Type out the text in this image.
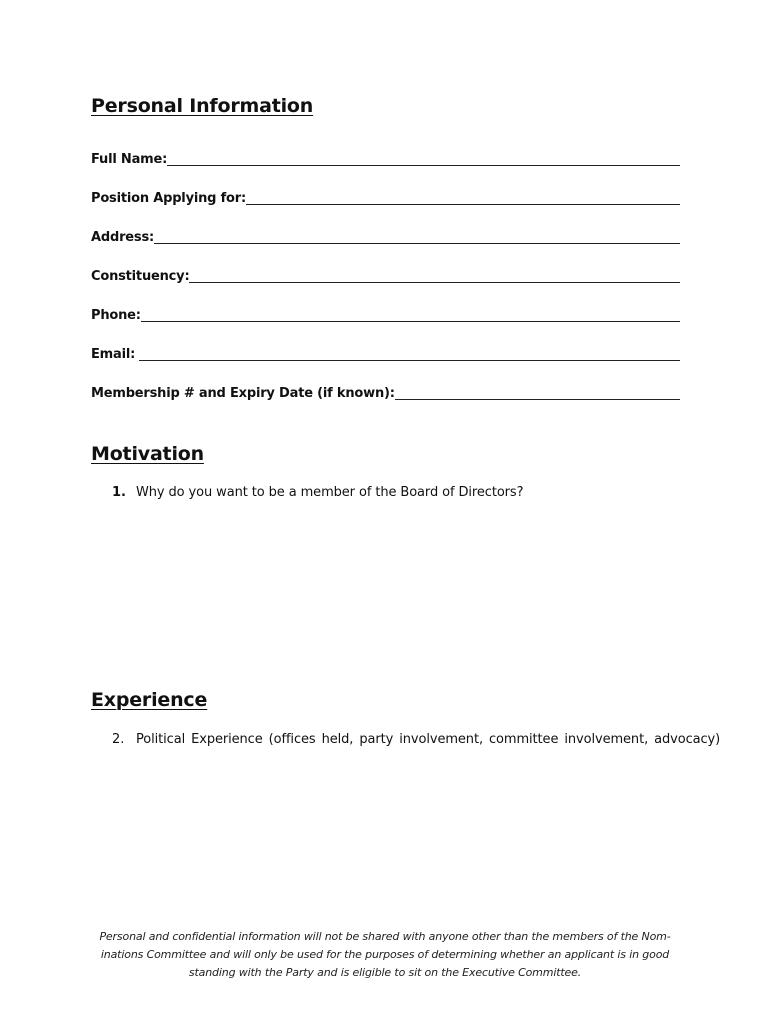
Personal Information
Full Name:
Position Applying for:
Address:
Constituency:
Phone:
Email:
Membership # and Expiry Date (if known):
Motivation
1. Why do you want to be a member of the Board of Directors?
Experience
2. Political Experience (offices held, party involvement, committee involvement, advocacy)

Personal and confidential information will not be shared with anyone other than the members of the Nom-
inations Committee and will only be used for the purposes of determining whether an applicant is in good
standing with the Party and is eligible to sit on the Executive Committee.
